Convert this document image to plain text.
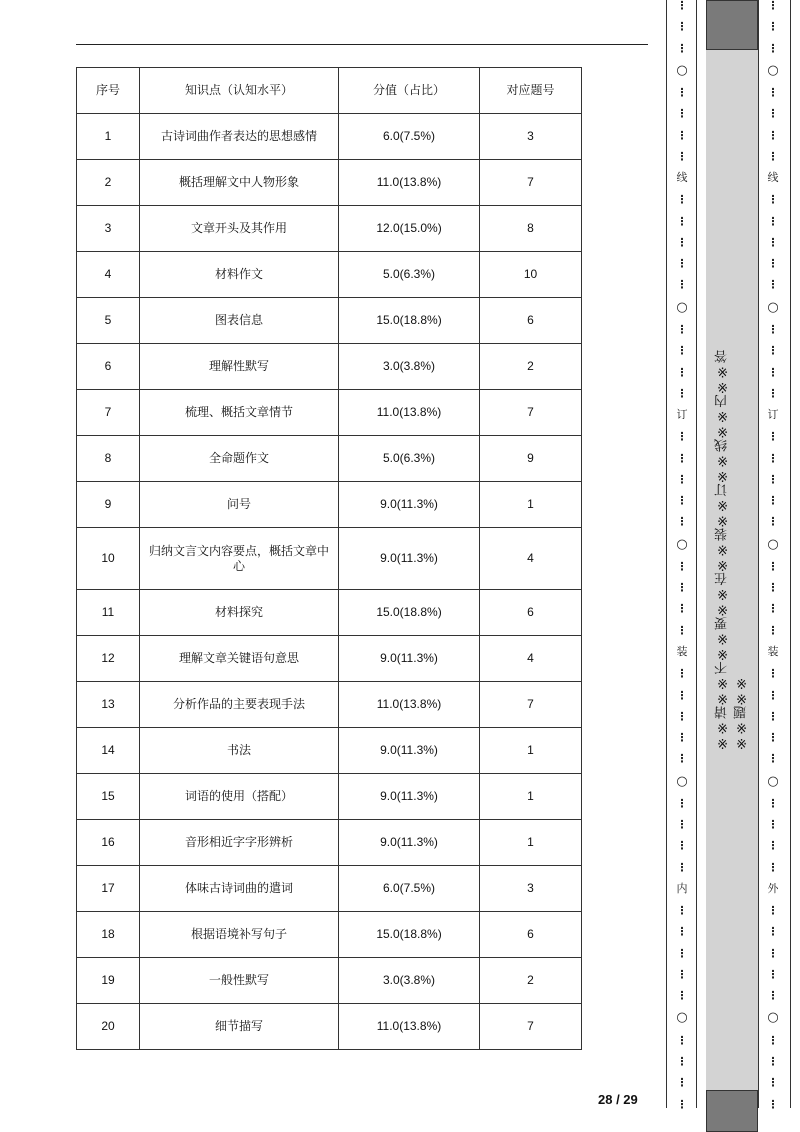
序号	知识点（认知水平）	分值（占比）	对应题号
1	古诗词曲作者表达的思想感情	6.0(7.5%)	3
2	概括理解文中人物形象	11.0(13.8%)	7
3	文章开头及其作用	12.0(15.0%)	8
4	材料作文	5.0(6.3%)	10
5	图表信息	15.0(18.8%)	6
6	理解性默写	3.0(3.8%)	2
7	梳理、概括文章情节	11.0(13.8%)	7
8	全命题作文	5.0(6.3%)	9
9	问号	9.0(11.3%)	1
10	归纳文言文内容要点，概括文章中心	9.0(11.3%)	4
11	材料探究	15.0(18.8%)	6
12	理解文章关键语句意思	9.0(11.3%)	4
13	分析作品的主要表现手法	11.0(13.8%)	7
14	书法	9.0(11.3%)	1
15	词语的使用（搭配）	9.0(11.3%)	1
16	音形相近字字形辨析	9.0(11.3%)	1
17	体味古诗词曲的遣词	6.0(7.5%)	3
18	根据语境补写句子	15.0(18.8%)	6
19	一般性默写	3.0(3.8%)	2
20	细节描写	11.0(13.8%)	7
28 / 29
⋮
⋮
⋮
○
⋮
⋮
⋮
⋮
线
⋮
⋮
⋮
⋮
⋮
○
⋮
⋮
⋮
⋮
订
⋮
⋮
⋮
⋮
⋮
○
⋮
⋮
⋮
⋮
装
⋮
⋮
⋮
⋮
⋮
○
⋮
⋮
⋮
⋮
内
⋮
⋮
⋮
⋮
⋮
○
⋮
⋮
⋮
⋮
※※请※※不※※要※※在※※装※※订※※线※※内※※答※※题※※
⋮
⋮
⋮
○
⋮
⋮
⋮
⋮
线
⋮
⋮
⋮
⋮
⋮
○
⋮
⋮
⋮
⋮
订
⋮
⋮
⋮
⋮
⋮
○
⋮
⋮
⋮
⋮
装
⋮
⋮
⋮
⋮
⋮
○
⋮
⋮
⋮
⋮
外
⋮
⋮
⋮
⋮
⋮
○
⋮
⋮
⋮
⋮
